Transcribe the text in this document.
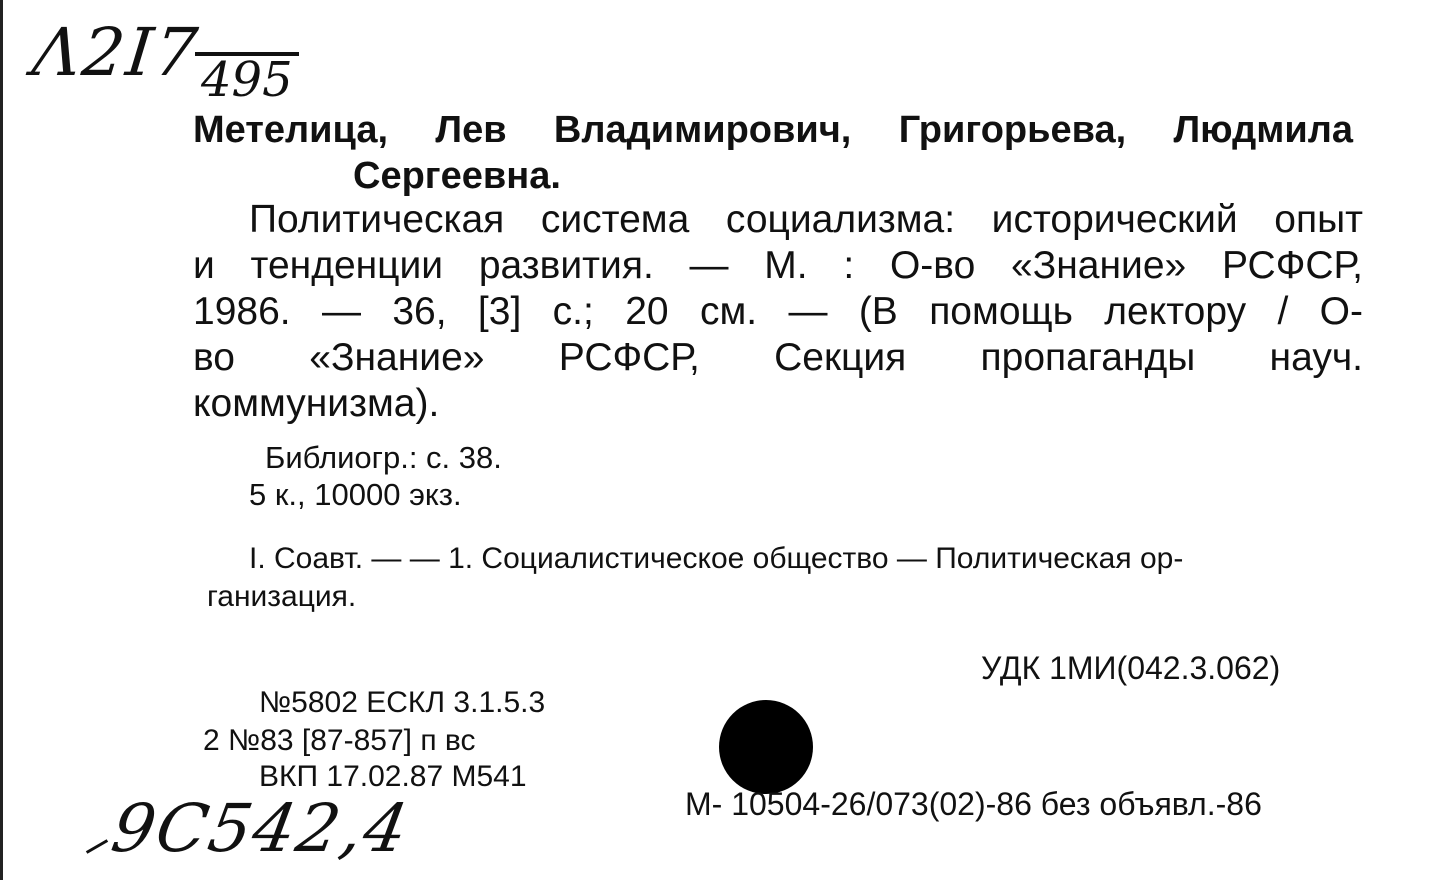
Λ2I7
495
Метелица, Лев Владимирович, Григорьева, Людмила
Сергеевна.
Политическая система социализма: исторический опыт
и тенденции развития. — М. : О-во «Знание» РСФСР,
1986. — 36, [3] с.; 20 см. — (В помощь лектору / О-
во «Знание» РСФСР, Секция пропаганды науч.
коммунизма).
Библиогр.: с. 38.
5 к., 10000 экз.
I. Соавт. — — 1. Социалистическое общество — Политическая ор-
ганизация.
УДК 1МИ(042.3.062)
№5802 ЕСКЛ 3.1.5.3
2 №83 [87-857] п вс
ВКП 17.02.87 М541
М- 10504-26/073(02)-86 без объявл.-86
9С542,4
